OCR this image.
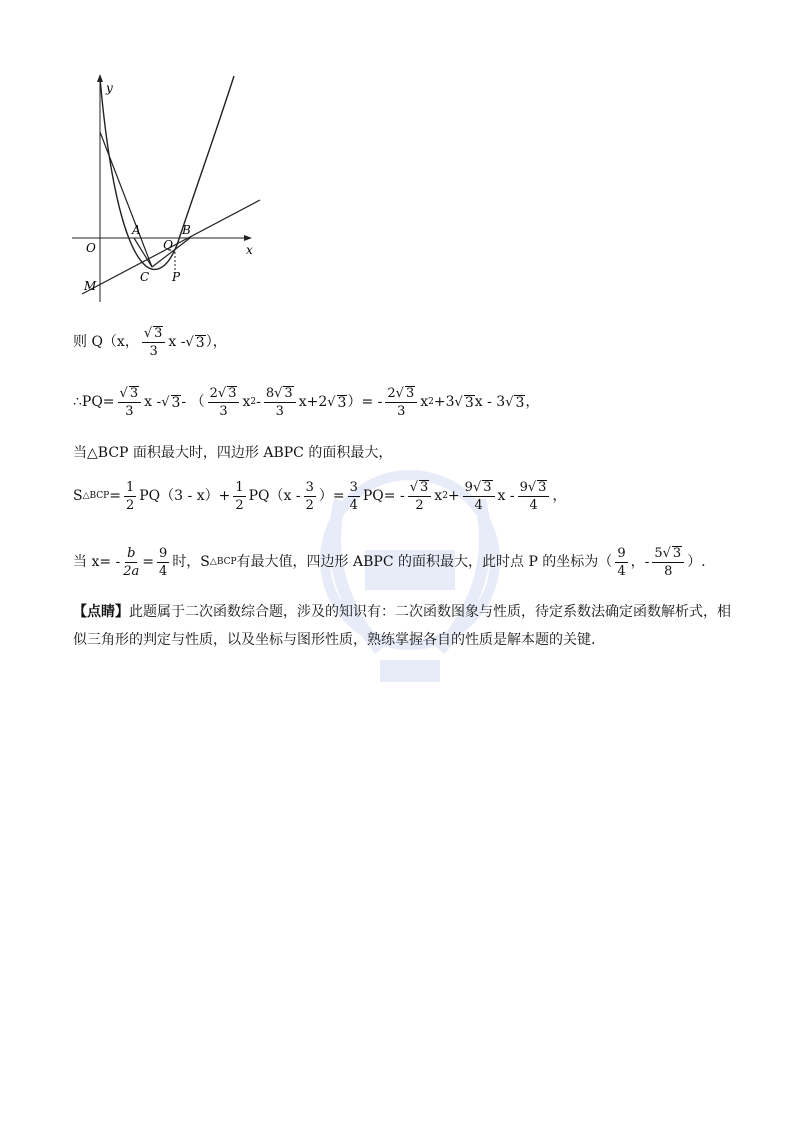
y
x
O
A	B
Q
C P
M
则 Q（x， $\frac{√ 3}{3}$ x - √ 3 ），
∴PQ= $\frac{√ 3}{3}$ x - √ 3 - （ $\frac{2√ 3}{3}$ x $2 - \frac{8√ 3}{3} x+2$ √ 3 ）= - $\frac{2√ 3}{3}$ x 2 +3 √ 3 x - 3 √ 3 ，
当△BCP 面积最大时，四边形 ABPC 的面积最大，
S △BCP = $\frac{1}{2} PQ(3 - x)+ \frac{1}{2} PQ(x - \frac{3}{2}$ ）= $\frac{3}{4} PQ= - \frac{√ 3}{2}$ x $2 + \frac{9√ 3}{4}$ x - $\frac{9√ 3}{4}$ ，
当 $x= - \frac{b}{2a} = \frac{9}{4}$ 时，S △BCP 有最大值，四边形 ABPC 的面积最大，此时点 P 的坐标为（ $\frac{9}{4}$ ，- $\frac{5√ 3}{8}$ ）.
【点睛】此题属于二次函数综合题，涉及的知识有：二次函数图象与性质，待定系数法确定函数解析式，相似三角形的判定与性质，以及坐标与图形性质，熟练掌握各自的性质是解本题的关键.
